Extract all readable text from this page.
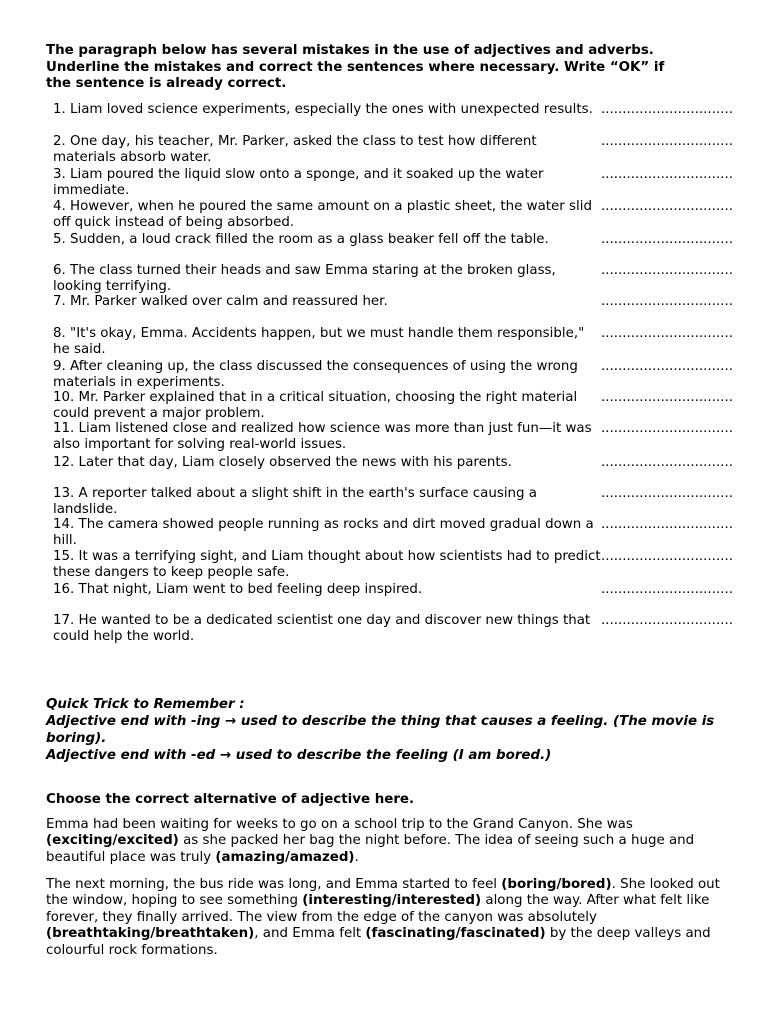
The paragraph below has several mistakes in the use of adjectives and adverbs.
Underline the mistakes and correct the sentences where necessary. Write “OK” if
the sentence is already correct.
1. Liam loved science experiments, especially the ones with unexpected results. ...............................
2. One day, his teacher, Mr. Parker, asked the class to test how different materials absorb water.
...............................
3. Liam poured the liquid slow onto a sponge, and it soaked up the water immediate.
...............................
4. However, when he poured the same amount on a plastic sheet, the water slid off quick instead of being absorbed.
...............................
5. Sudden, a loud crack filled the room as a glass beaker fell off the table.	...............................
6. The class turned their heads and saw Emma staring at the broken glass, looking terrifying.
...............................
7. Mr. Parker walked over calm and reassured her.	...............................
8. "It's okay, Emma. Accidents happen, but we must handle them responsible," he said.
...............................
9. After cleaning up, the class discussed the consequences of using the wrong materials in experiments.
...............................
10. Mr. Parker explained that in a critical situation, choosing the right material could prevent a major problem.
...............................
11. Liam listened close and realized how science was more than just fun—it was also important for solving real-world issues.
...............................
12. Later that day, Liam closely observed the news with his parents.	...............................
13. A reporter talked about a slight shift in the earth's surface causing a landslide.
...............................
14. The camera showed people running as rocks and dirt moved gradual down a hill.
...............................
15. It was a terrifying sight, and Liam thought about how scientists had to predict these dangers to keep people safe.
...............................
16. That night, Liam went to bed feeling deep inspired.	...............................
17. He wanted to be a dedicated scientist one day and discover new things that could help the world.
...............................
Quick Trick to Remember :
Adjective end with -ing → used to describe the thing that causes a feeling. (The movie is boring).
Adjective end with -ed → used to describe the feeling (I am bored.)
Choose the correct alternative of adjective here.
Emma had been waiting for weeks to go on a school trip to the Grand Canyon. She was (exciting/excited) as she packed her bag the night before. The idea of seeing such a huge and beautiful place was truly (amazing/amazed).
The next morning, the bus ride was long, and Emma started to feel (boring/bored). She looked out the window, hoping to see something (interesting/interested) along the way. After what felt like forever, they finally arrived. The view from the edge of the canyon was absolutely (breathtaking/breathtaken), and Emma felt (fascinating/fascinated) by the deep valleys and colourful rock formations.
